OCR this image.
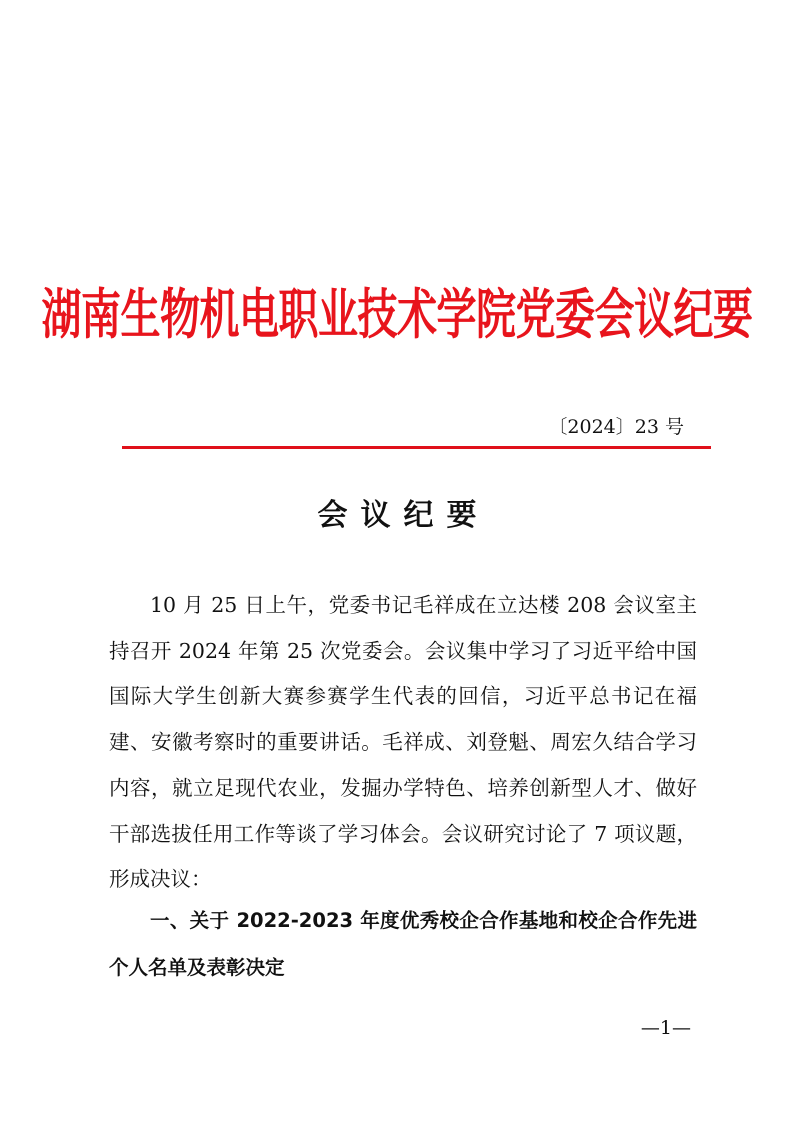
湖南生物机电职业技术学院党委会议纪要
〔2024〕23 号
会议纪要

10 月 25 日上午，党委书记毛祥成在立达楼 208 会议室主持召开 2024 年第 25 次党委会。会议集中学习了习近平给中国国际大学生创新大赛参赛学生代表的回信，习近平总书记在福建、安徽考察时的重要讲话。毛祥成、刘登魁、周宏久结合学习内容，就立足现代农业，发掘办学特色、培养创新型人才、做好干部选拔任用工作等谈了学习体会。会议研究讨论了 7 项议题，形成决议：

一、关于 2022-2023 年度优秀校企合作基地和校企合作先进个人名单及表彰决定

—1—
